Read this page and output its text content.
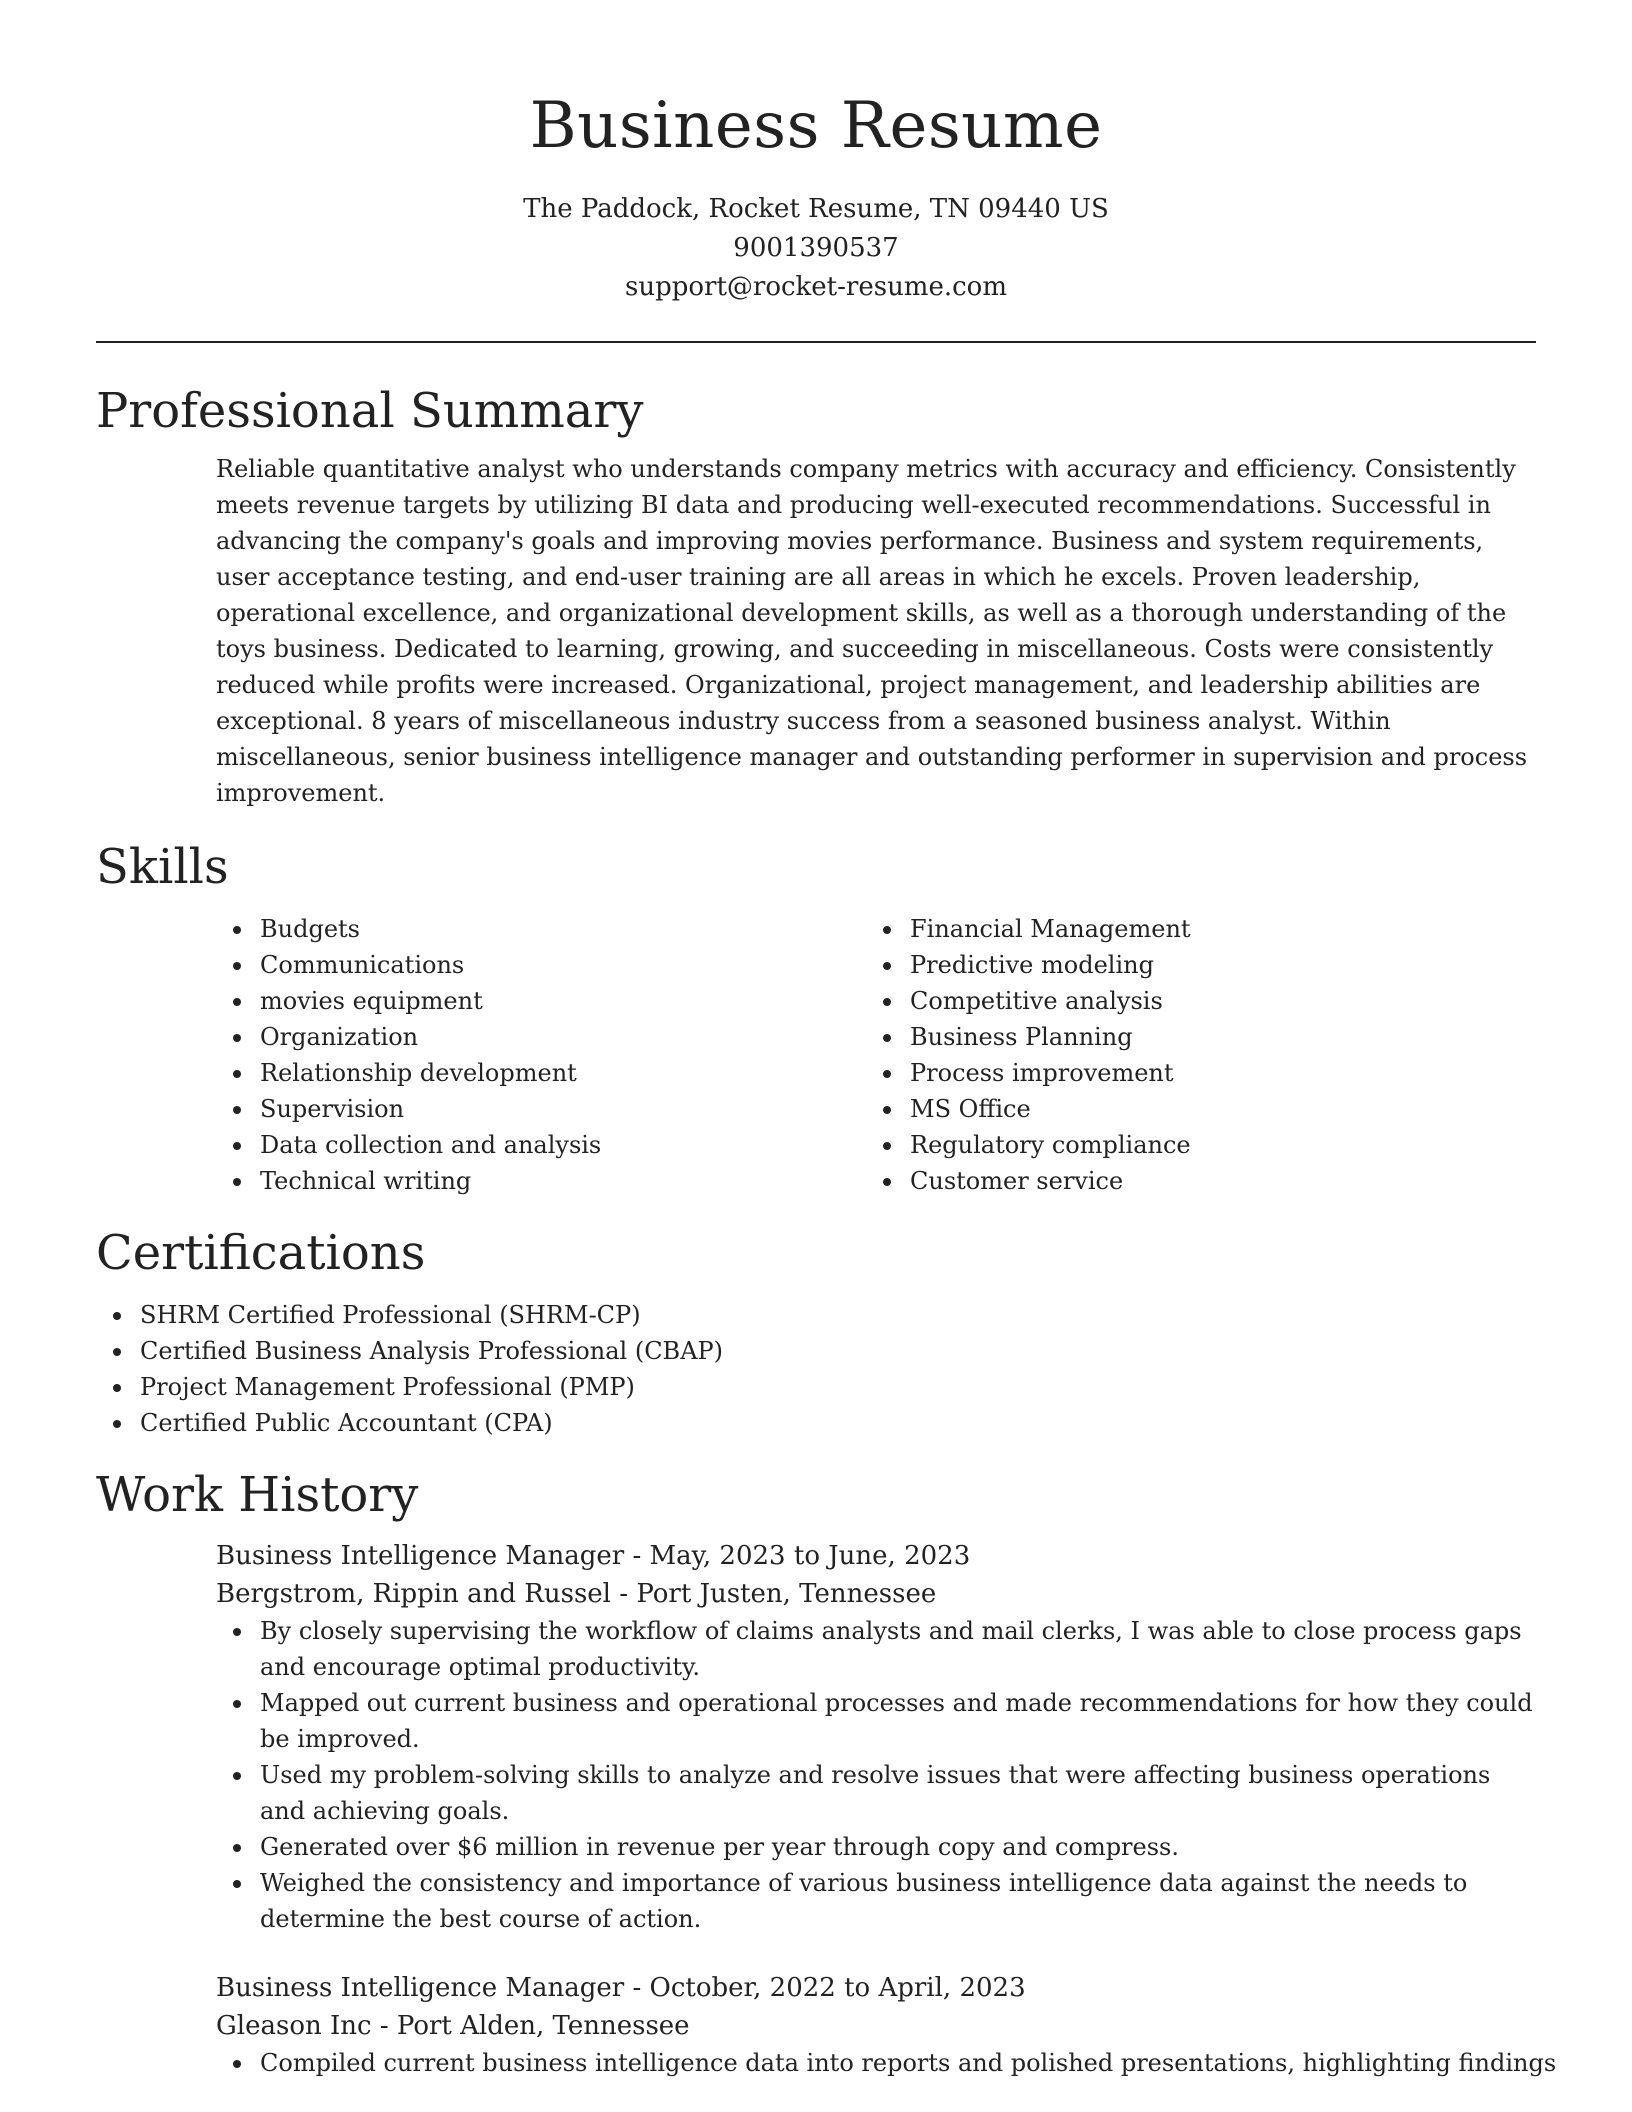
Business Resume
The Paddock, Rocket Resume, TN 09440 US
9001390537
support@rocket-resume.com
Professional Summary
Reliable quantitative analyst who understands company metrics with accuracy and efficiency. Consistently meets revenue targets by utilizing BI data and producing well-executed recommendations. Successful in advancing the company's goals and improving movies performance. Business and system requirements, user acceptance testing, and end-user training are all areas in which he excels. Proven leadership, operational excellence, and organizational development skills, as well as a thorough understanding of the toys business. Dedicated to learning, growing, and succeeding in miscellaneous. Costs were consistently reduced while profits were increased. Organizational, project management, and leadership abilities are exceptional. 8 years of miscellaneous industry success from a seasoned business analyst. Within miscellaneous, senior business intelligence manager and outstanding performer in supervision and process improvement.
Skills
Budgets
Communications
movies equipment
Organization
Relationship development
Supervision
Data collection and analysis
Technical writing
Financial Management
Predictive modeling
Competitive analysis
Business Planning
Process improvement
MS Office
Regulatory compliance
Customer service
Certifications
SHRM Certified Professional (SHRM-CP)
Certified Business Analysis Professional (CBAP)
Project Management Professional (PMP)
Certified Public Accountant (CPA)
Work History
Business Intelligence Manager - May, 2023 to June, 2023
Bergstrom, Rippin and Russel - Port Justen, Tennessee
By closely supervising the workflow of claims analysts and mail clerks, I was able to close process gaps and encourage optimal productivity.
Mapped out current business and operational processes and made recommendations for how they could be improved.
Used my problem-solving skills to analyze and resolve issues that were affecting business operations and achieving goals.
Generated over $6 million in revenue per year through copy and compress.
Weighed the consistency and importance of various business intelligence data against the needs to determine the best course of action.
Business Intelligence Manager - October, 2022 to April, 2023
Gleason Inc - Port Alden, Tennessee
Compiled current business intelligence data into reports and polished presentations, highlighting findings
